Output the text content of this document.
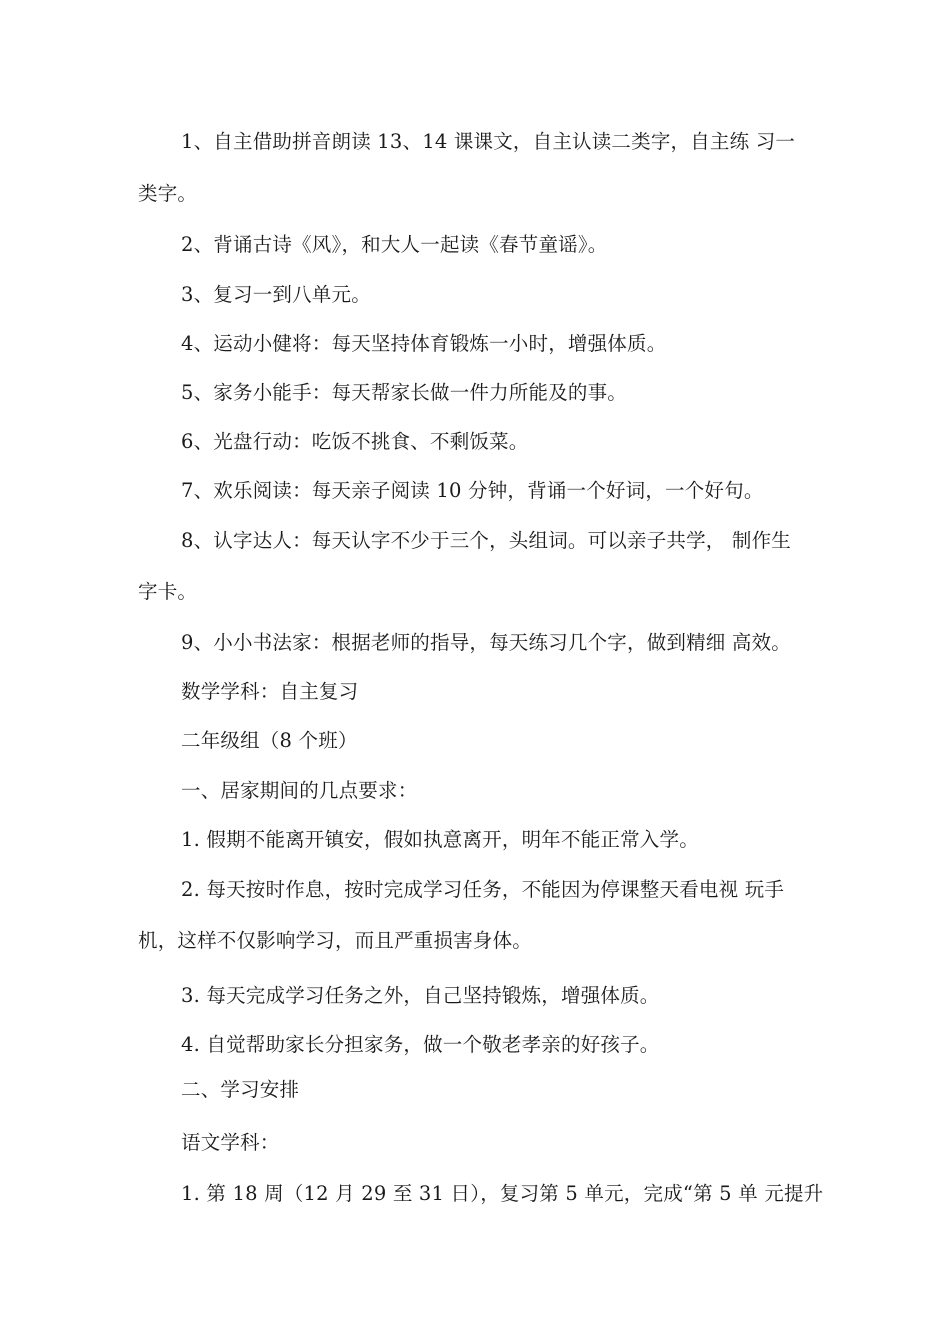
1、自主借助拼音朗读 13、14 课课文，自主认读二类字，自主练 习一
类字。
2、背诵古诗《风》，和大人一起读《春节童谣》。
3、复习一到八单元。
4、运动小健将：每天坚持体育锻炼一小时，增强体质。
5、家务小能手：每天帮家长做一件力所能及的事。
6、光盘行动：吃饭不挑食、不剩饭菜。
7、欢乐阅读：每天亲子阅读 10 分钟，背诵一个好词，一个好句。
8、认字达人：每天认字不少于三个，头组词。可以亲子共学， 制作生
字卡。
9、小小书法家：根据老师的指导，每天练习几个字，做到精细 高效。
数学学科：自主复习
二年级组（8 个班）
一、居家期间的几点要求：
1. 假期不能离开镇安，假如执意离开，明年不能正常入学。
2. 每天按时作息，按时完成学习任务，不能因为停课整天看电视 玩手
机，这样不仅影响学习，而且严重损害身体。
3. 每天完成学习任务之外，自己坚持锻炼，增强体质。
4. 自觉帮助家长分担家务，做一个敬老孝亲的好孩子。
二、学习安排
语文学科：
1. 第 18 周（12 月 29 至 31 日），复习第 5 单元，完成“第 5 单 元提升
